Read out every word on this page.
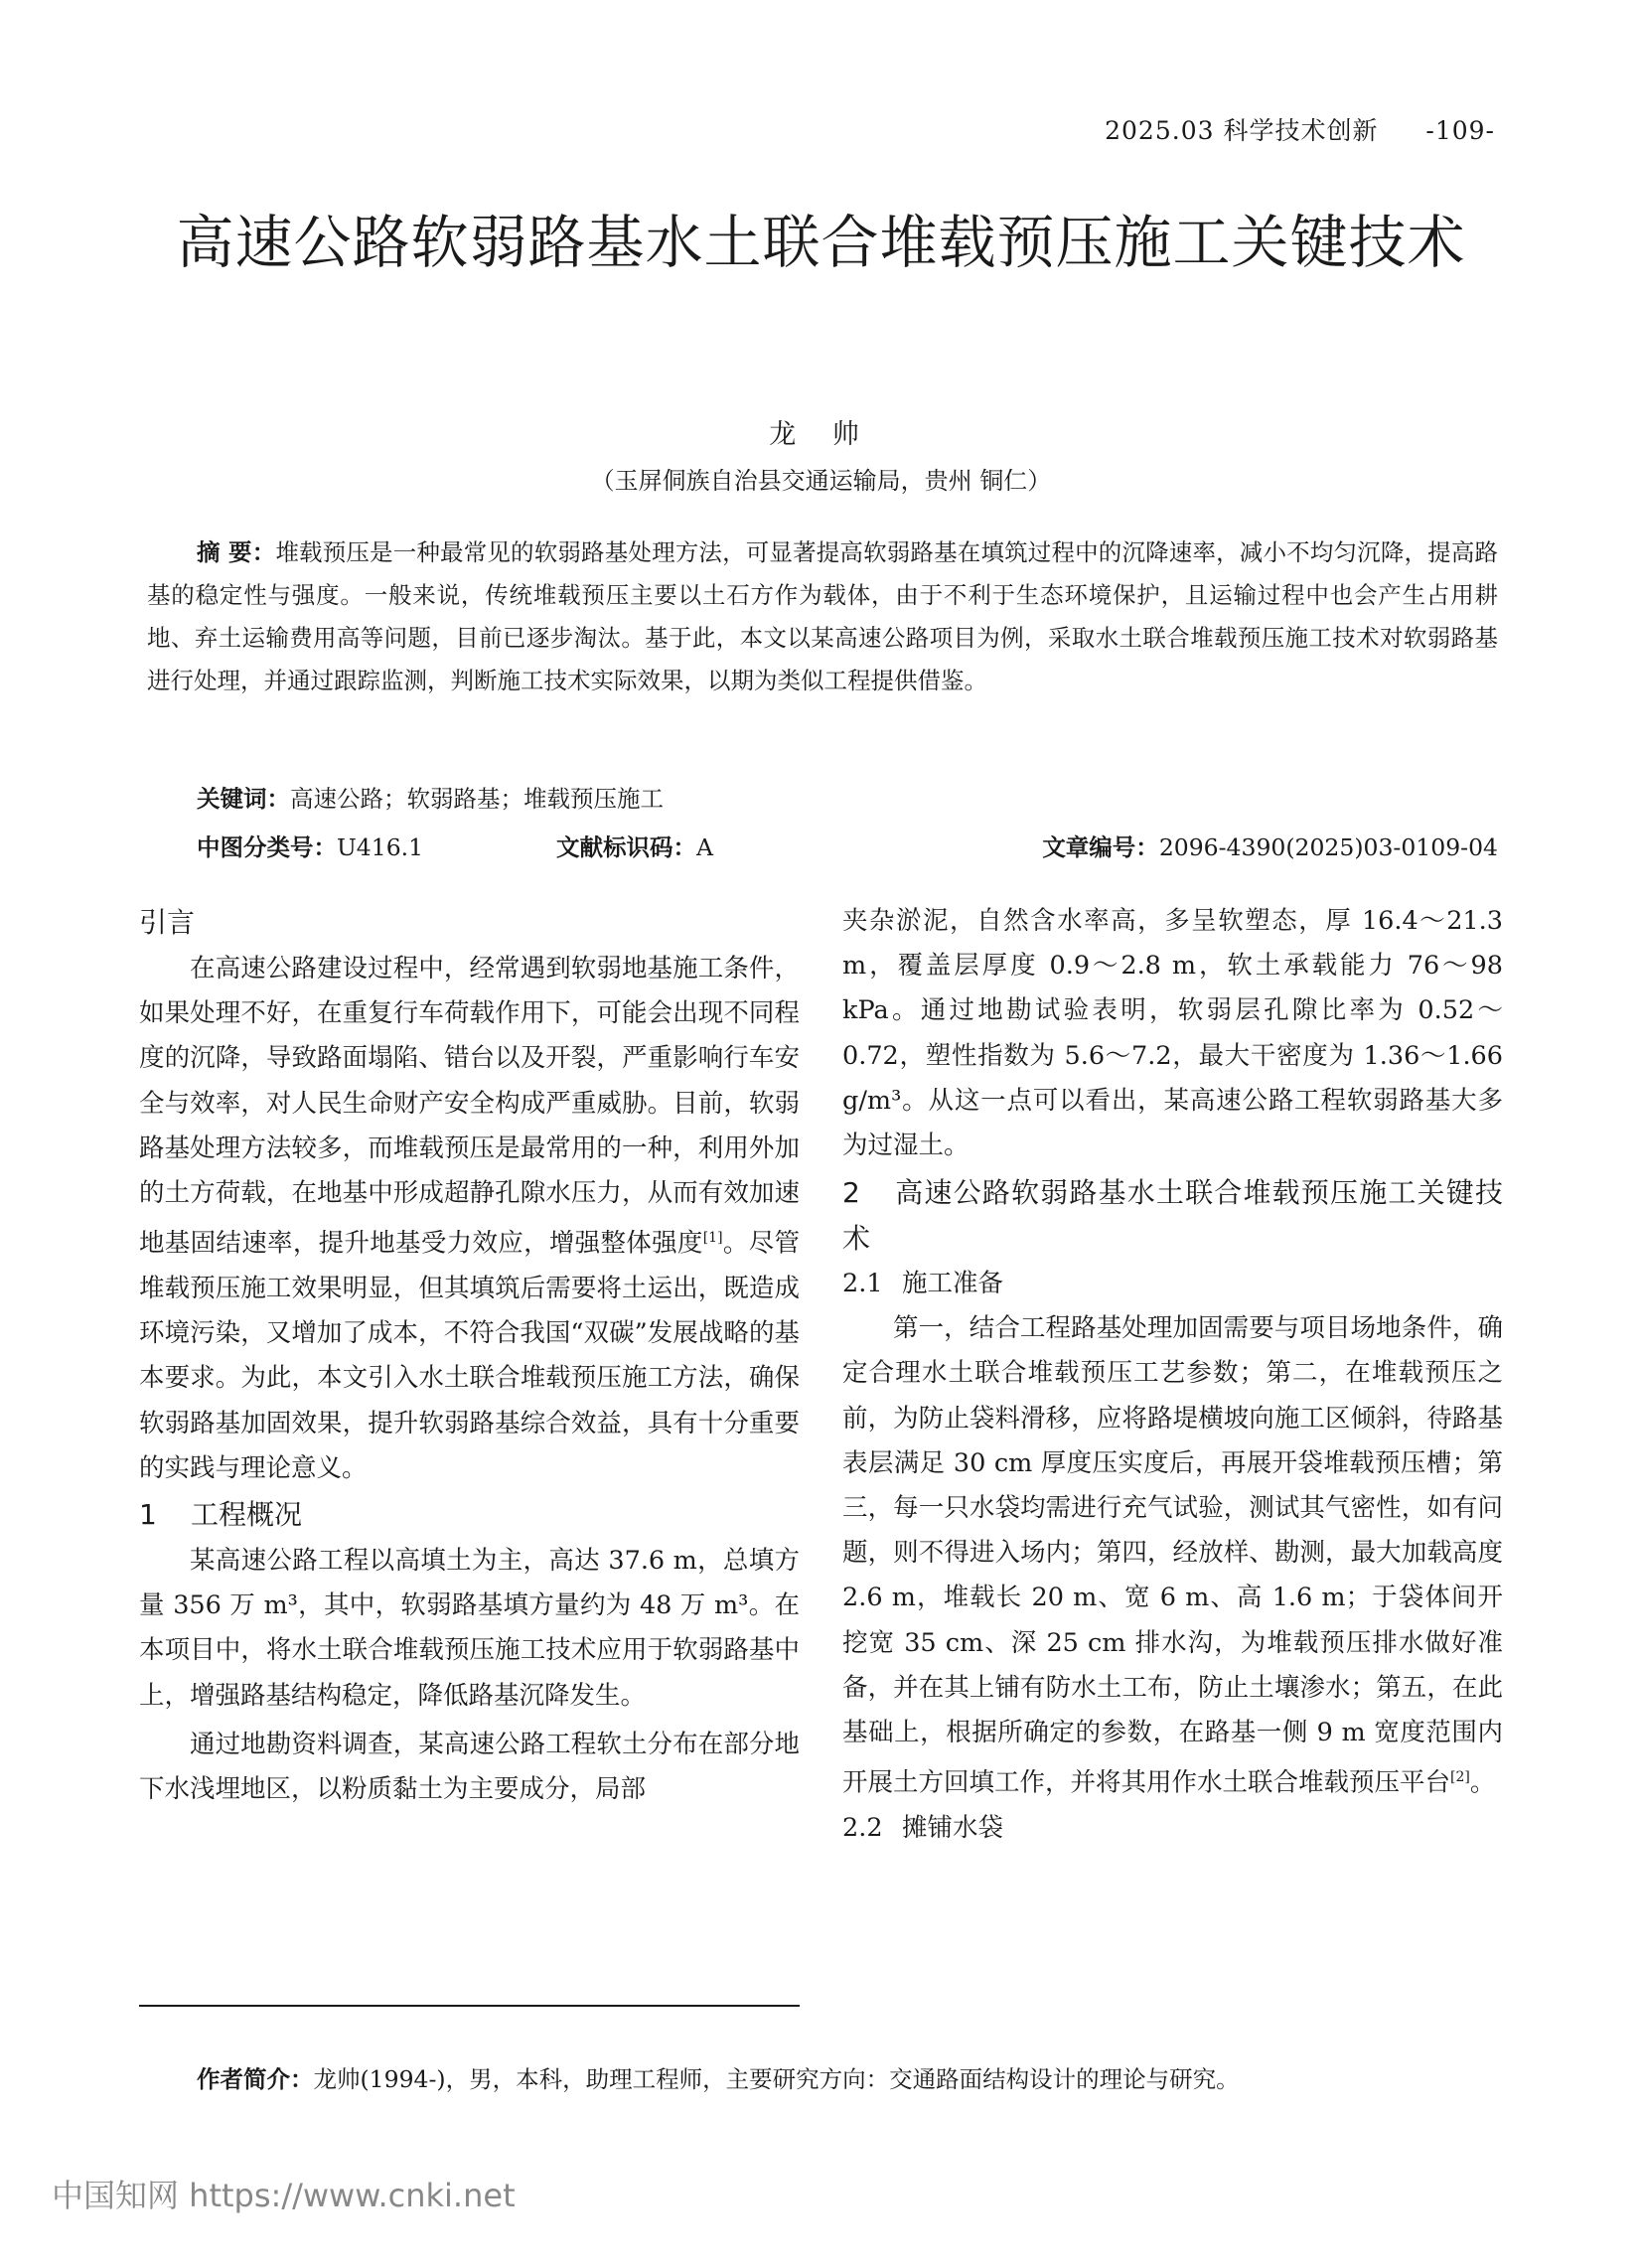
2025.03 科学技术创新 -109-
高速公路软弱路基水土联合堆载预压施工关键技术
龙 帅
（玉屏侗族自治县交通运输局，贵州 铜仁）
摘 要：堆载预压是一种最常见的软弱路基处理方法，可显著提高软弱路基在填筑过程中的沉降速率，减小不均匀沉降，提高路基的稳定性与强度。一般来说，传统堆载预压主要以土石方作为载体，由于不利于生态环境保护，且运输过程中也会产生占用耕地、弃土运输费用高等问题，目前已逐步淘汰。基于此，本文以某高速公路项目为例，采取水土联合堆载预压施工技术对软弱路基进行处理，并通过跟踪监测，判断施工技术实际效果，以期为类似工程提供借鉴。
关键词：高速公路；软弱路基；堆载预压施工
中图分类号：U416.1	文献标识码：A	文章编号：2096-4390(2025)03-0109-04
引言

在高速公路建设过程中，经常遇到软弱地基施工条件，如果处理不好，在重复行车荷载作用下，可能会出现不同程度的沉降，导致路面塌陷、错台以及开裂，严重影响行车安全与效率，对人民生命财产安全构成严重威胁。目前，软弱路基处理方法较多，而堆载预压是最常用的一种，利用外加的土方荷载，在地基中形成超静孔隙水压力，从而有效加速地基固结速率，提升地基受力效应，增强整体强度[1]。尽管堆载预压施工效果明显，但其填筑后需要将土运出，既造成环境污染，又增加了成本，不符合我国“双碳”发展战略的基本要求。为此，本文引入水土联合堆载预压施工方法，确保软弱路基加固效果，提升软弱路基综合效益，具有十分重要的实践与理论意义。

1 工程概况

某高速公路工程以高填土为主，高达 37.6 m，总填方量 356 万 m³，其中，软弱路基填方量约为 48 万 m³。在本项目中，将水土联合堆载预压施工技术应用于软弱路基中上，增强路基结构稳定，降低路基沉降发生。

通过地勘资料调查，某高速公路工程软土分布在部分地下水浅埋地区，以粉质黏土为主要成分，局部

夹杂淤泥，自然含水率高，多呈软塑态，厚 16.4～21.3 m，覆盖层厚度 0.9～2.8 m，软土承载能力 76～98 kPa。通过地勘试验表明，软弱层孔隙比率为 0.52～0.72，塑性指数为 5.6～7.2，最大干密度为 1.36～1.66 g/m³。从这一点可以看出，某高速公路工程软弱路基大多为过湿土。

2 高速公路软弱路基水土联合堆载预压施工关键技术
2.1 施工准备

第一，结合工程路基处理加固需要与项目场地条件，确定合理水土联合堆载预压工艺参数；第二，在堆载预压之前，为防止袋料滑移，应将路堤横坡向施工区倾斜，待路基表层满足 30 cm 厚度压实度后，再展开袋堆载预压槽；第三，每一只水袋均需进行充气试验，测试其气密性，如有问题，则不得进入场内；第四，经放样、勘测，最大加载高度 2.6 m，堆载长 20 m、宽 6 m、高 1.6 m；于袋体间开挖宽 35 cm、深 25 cm 排水沟，为堆载预压排水做好准备，并在其上铺有防水土工布，防止土壤渗水；第五，在此基础上，根据所确定的参数，在路基一侧 9 m 宽度范围内开展土方回填工作，并将其用作水土联合堆载预压平台[2]。

2.2 摊铺水袋
作者简介：龙帅(1994-)，男，本科，助理工程师，主要研究方向：交通路面结构设计的理论与研究。
中国知网 https://www.cnki.net
